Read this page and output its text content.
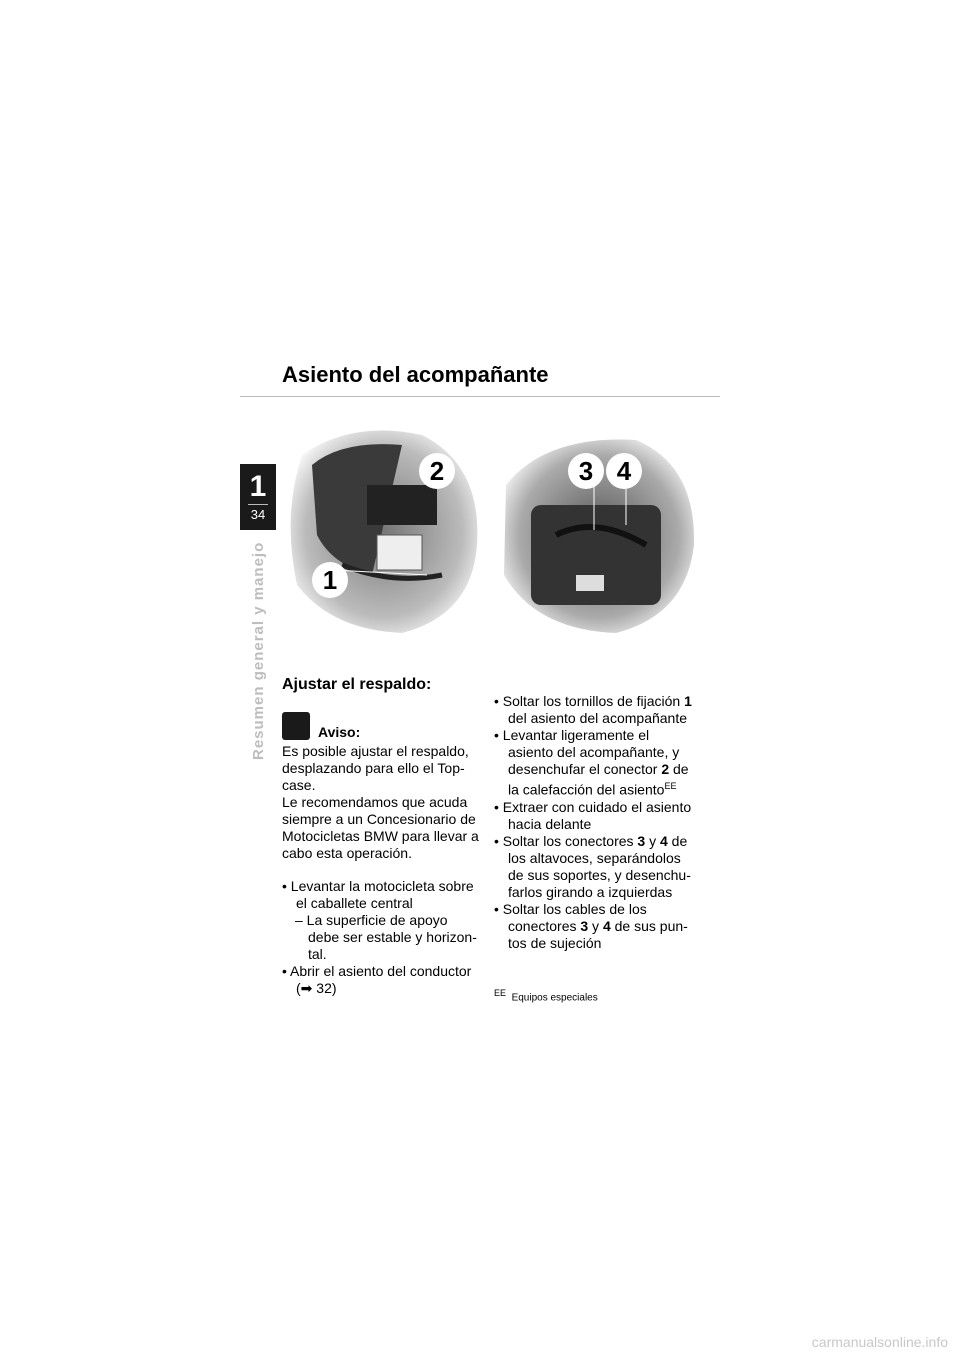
Asiento del acompañante
1
34
Resumen general y manejo
2
1
3 4
Ajustar el respaldo:
Aviso:

Es posible ajustar el respaldo, desplazando para ello el Top-case.

Le recomendamos que acuda siempre a un Concesionario de Motocicletas BMW para llevar a cabo esta operación.

• Levantar la motocicleta sobre el caballete central

– La superficie de apoyo debe ser estable y horizon-tal.

• Abrir el asiento del conductor (➡ 32)

• Soltar los tornillos de fijación 1 del asiento del acompañante

• Levantar ligeramente el asiento del acompañante, y desenchufar el conector 2 de la calefacción del asiento$^{EE}$

• Extraer con cuidado el asiento hacia delante

• Soltar los conectores 3 y 4 de los altavoces, separándolos de sus soportes, y desenchu-farlos girando a izquierdas

• Soltar los cables de los conectores 3 y 4 de sus pun-tos de sujeción

$^{EE}$ Equipos especiales
carmanualsonline.info
